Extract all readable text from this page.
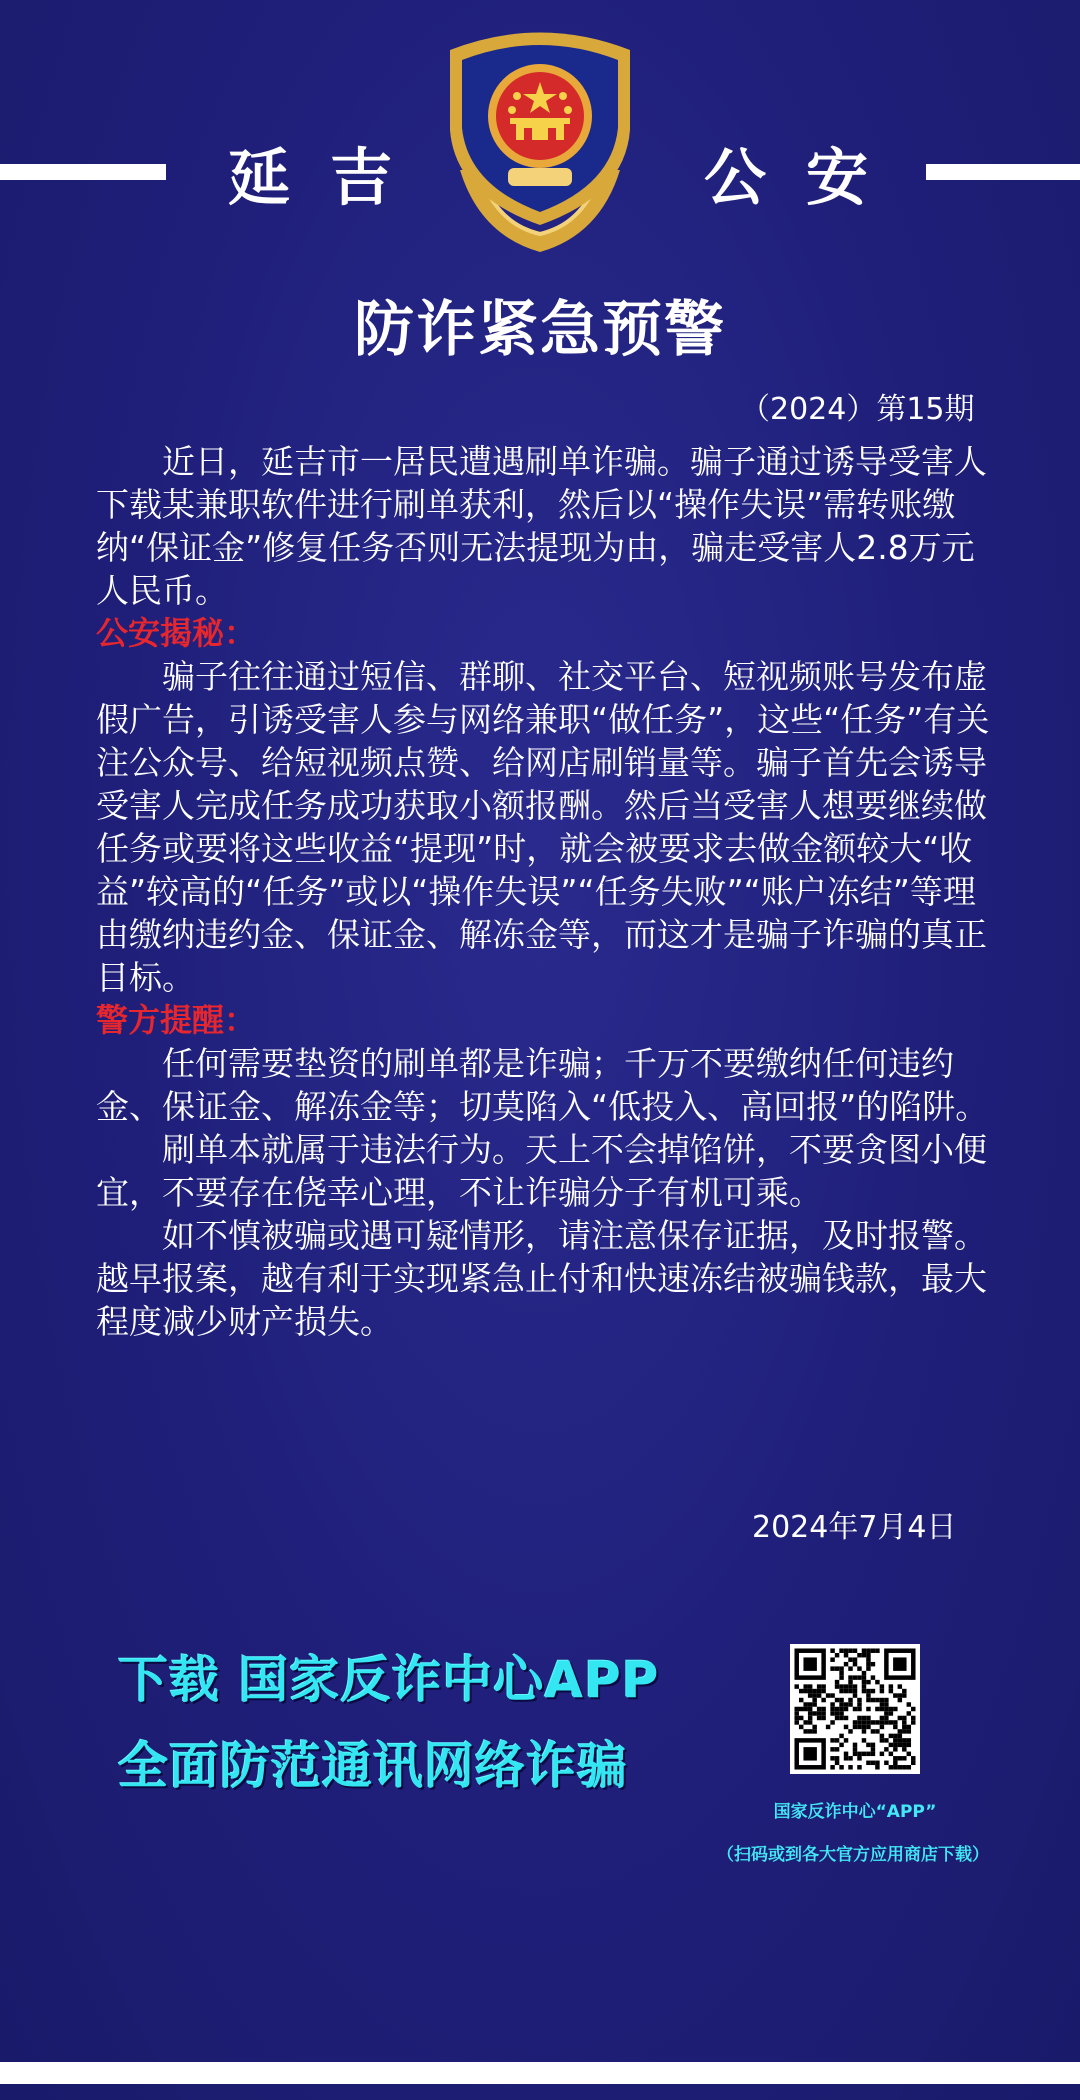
延吉	公安
防诈紧急预警
（2024）第15期

近日，延吉市一居民遭遇刷单诈骗。骗子通过诱导受害人下载某兼职软件进行刷单获利，然后以“操作失误”需转账缴纳“保证金”修复任务否则无法提现为由，骗走受害人2.8万元人民币。

公安揭秘：

骗子往往通过短信、群聊、社交平台、短视频账号发布虚假广告，引诱受害人参与网络兼职“做任务”，这些“任务”有关注公众号、给短视频点赞、给网店刷销量等。骗子首先会诱导受害人完成任务成功获取小额报酬。然后当受害人想要继续做任务或要将这些收益“提现”时，就会被要求去做金额较大“收益”较高的“任务”或以“操作失误”“任务失败”“账户冻结”等理由缴纳违约金、保证金、解冻金等，而这才是骗子诈骗的真正目标。

警方提醒：

任何需要垫资的刷单都是诈骗；千万不要缴纳任何违约金、保证金、解冻金等；切莫陷入“低投入、高回报”的陷阱。

刷单本就属于违法行为。天上不会掉馅饼，不要贪图小便宜，不要存在侥幸心理，不让诈骗分子有机可乘。

如不慎被骗或遇可疑情形，请注意保存证据，及时报警。越早报案，越有利于实现紧急止付和快速冻结被骗钱款，最大程度减少财产损失。

2024年7月4日
下载 国家反诈中心APP
全面防范通讯网络诈骗
国家反诈中心“APP”
（扫码或到各大官方应用商店下载）
